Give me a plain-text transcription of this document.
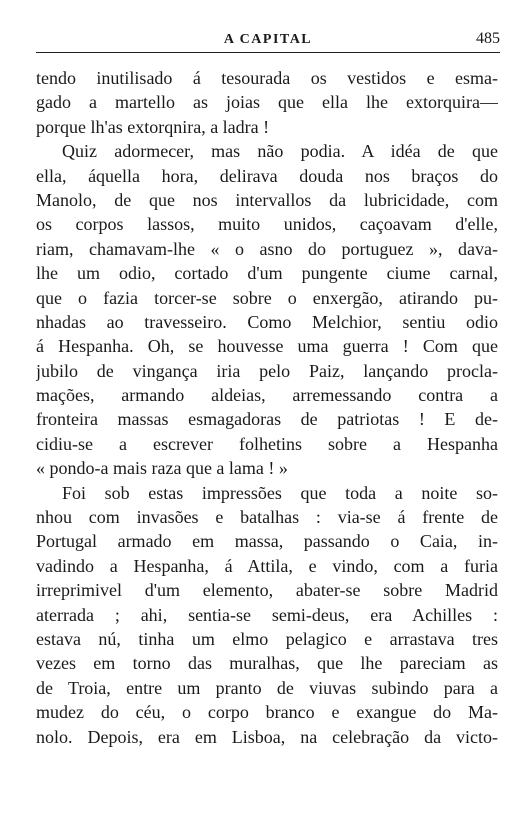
A CAPITAL	485
tendo inutilisado á tesourada os vestidos e esma-
gado a martello as joias que ella lhe extorquira—
porque lh'as extorqnira, a ladra !
Quiz adormecer, mas não podia. A idéa de que
ella, áquella hora, delirava douda nos braços do
Manolo, de que nos intervallos da lubricidade, com
os corpos lassos, muito unidos, caçoavam d'elle,
riam, chamavam-lhe « o asno do portuguez », dava-
lhe um odio, cortado d'um pungente ciume carnal,
que o fazia torcer-se sobre o enxergão, atirando pu-
nhadas ao travesseiro. Como Melchior, sentiu odio
á Hespanha. Oh, se houvesse uma guerra ! Com que
jubilo de vingança iria pelo Paiz, lançando procla-
mações, armando aldeias, arremessando contra a
fronteira massas esmagadoras de patriotas ! E de-
cidiu-se a escrever folhetins sobre a Hespanha
« pondo-a mais raza que a lama ! »
Foi sob estas impressões que toda a noite so-
nhou com invasões e batalhas : via-se á frente de
Portugal armado em massa, passando o Caia, in-
vadindo a Hespanha, á Attila, e vindo, com a furia
irreprimivel d'um elemento, abater-se sobre Madrid
aterrada ; ahi, sentia-se semi-deus, era Achilles :
estava nú, tinha um elmo pelagico e arrastava tres
vezes em torno das muralhas, que lhe pareciam as
de Troia, entre um pranto de viuvas subindo para a
mudez do céu, o corpo branco e exangue do Ma-
nolo. Depois, era em Lisboa, na celebração da victo-
